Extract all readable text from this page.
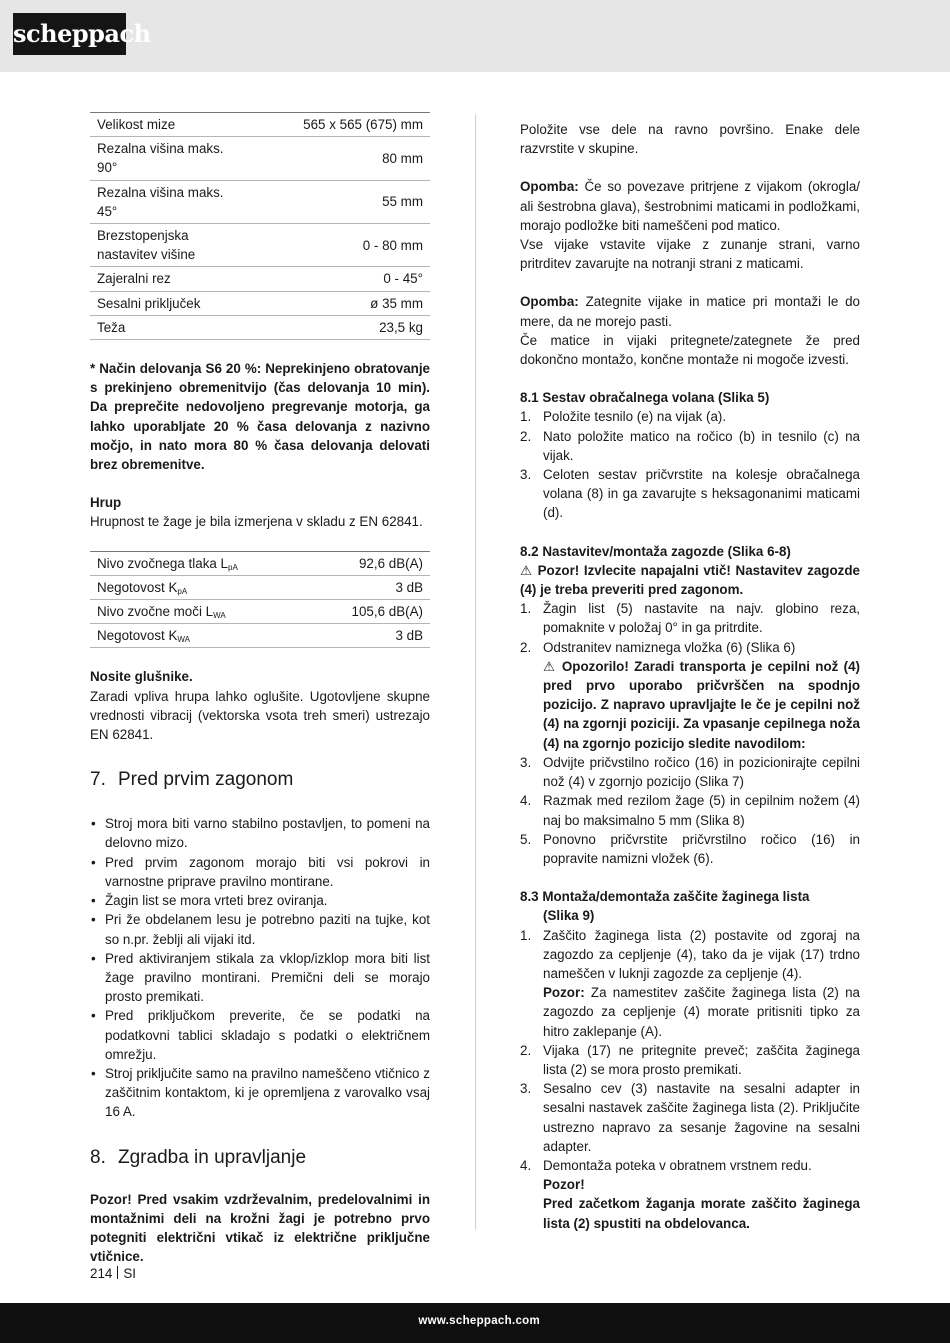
scheppach
Velikost mize	565 x 565 (675) mm
Rezalna višina maks. 90°	80 mm
Rezalna višina maks. 45°	55 mm
Brezstopenjska nastavitev višine	0 - 80 mm
Zajeralni rez	0 - 45°
Sesalni priključek	ø 35 mm
Teža	23,5 kg

* Način delovanja S6 20 %: Neprekinjeno obratovanje s prekinjeno obremenitvijo (čas delovanja 10 min). Da preprečite nedovoljeno pregrevanje motorja, ga lahko uporabljate 20 % časa delovanja z nazivno močjo, in nato mora 80 % časa delovanja delovati brez obremenitve.

Hrup

Hrupnost te žage je bila izmerjena v skladu z EN 62841.

Nivo zvočnega tlaka $L_{pA}$	92,6 dB(A)
Negotovost $K_{pA}$	3 dB
Nivo zvočne moči $L_{WA}$	105,6 dB(A)
Negotovost $K_{WA}$	3 dB

Nosite glušnike.

Zaradi vpliva hrupa lahko oglušite. Ugotovljene skupne vrednosti vibracij (vektorska vsota treh smeri) ustrezajo EN 62841.

7. Pred prvim zagonom
• Stroj mora biti varno stabilno postavljen, to pomeni na delovno mizo.
• Pred prvim zagonom morajo biti vsi pokrovi in varnostne priprave pravilno montirane.
• Žagin list se mora vrteti brez oviranja.
• Pri že obdelanem lesu je potrebno paziti na tujke, kot so n.pr. žeblji ali vijaki itd.
• Pred aktiviranjem stikala za vklop/izklop mora biti list žage pravilno montirani. Premični deli se morajo prosto premikati.
• Pred priključkom preverite, če se podatki na podatkovni tablici skladajo s podatki o električnem omrežju.
• Stroj priključite samo na pravilno nameščeno vtičnico z zaščitnim kontaktom, ki je opremljena z varovalko vsaj 16 A.
8. Zgradba in upravljanje

Pozor! Pred vsakim vzdrževalnim, predelovalnimi in montažnimi deli na krožni žagi je potrebno prvo potegniti električni vtikač iz električne priključne vtičnice.

Položite vse dele na ravno površino. Enake dele razvrstite v skupine.

Opomba: Če so povezave pritrjene z vijakom (okrogla/ ali šestrobna glava), šestrobnimi maticami in podložkami, morajo podložke biti nameščeni pod matico.

Vse vijake vstavite vijake z zunanje strani, varno pritrditev zavarujte na notranji strani z maticami.

Opomba: Zategnite vijake in matice pri montaži le do mere, da ne morejo pasti.

Če matice in vijaki pritegnete/zategnete že pred dokončno montažo, končne montaže ni mogoče izvesti.

8.1 Sestav obračalnega volana (Slika 5)

1. Položite tesnilo (e) na vijak (a).
2. Nato položite matico na ročico (b) in tesnilo (c) na vijak.
3. Celoten sestav pričvrstite na kolesje obračalnega volana (8) in ga zavarujte s heksagonanimi maticami (d).

8.2 Nastavitev/montaža zagozde (Slika 6-8)

⚠ Pozor! Izvlecite napajalni vtič! Nastavitev zagozde (4) je treba preveriti pred zagonom.

1. Žagin list (5) nastavite na najv. globino reza, pomaknite v položaj 0° in ga pritrdite.
2. Odstranitev namiznega vložka (6) (Slika 6)
⚠ Opozorilo! Zaradi transporta je cepilni nož (4) pred prvo uporabo pričvrščen na spodnjo pozicijo. Z napravo upravljajte le če je cepilni nož (4) na zgornji poziciji. Za vpasanje cepilnega noža (4) na zgornjo pozicijo sledite navodilom:
3. Odvijte pričvstilno ročico (16) in pozicionirajte cepilni nož (4) v zgornjo pozicijo (Slika 7)
4. Razmak med rezilom žage (5) in cepilnim nožem (4) naj bo maksimalno 5 mm (Slika 8)
5. Ponovno pričvrstite pričvrstilno ročico (16) in popravite namizni vložek (6).

8.3 Montaža/demontaža zaščite žaginega lista

(Slika 9)

1. Zaščito žaginega lista (2) postavite od zgoraj na zagozdo za cepljenje (4), tako da je vijak (17) trdno nameščen v luknji zagozde za cepljenje (4).
Pozor: Za namestitev zaščite žaginega lista (2) na zagozdo za cepljenje (4) morate pritisniti tipko za hitro zaklepanje (A).
2. Vijaka (17) ne pritegnite preveč; zaščita žaginega lista (2) se mora prosto premikati.
3. Sesalno cev (3) nastavite na sesalni adapter in sesalni nastavek zaščite žaginega lista (2). Priključite ustrezno napravo za sesanje žagovine na sesalni adapter.
4. Demontaža poteka v obratnem vrstnem redu.
Pozor!
Pred začetkom žaganja morate zaščito žaginega lista (2) spustiti na obdelovanca.
214 SI
www.scheppach.com
